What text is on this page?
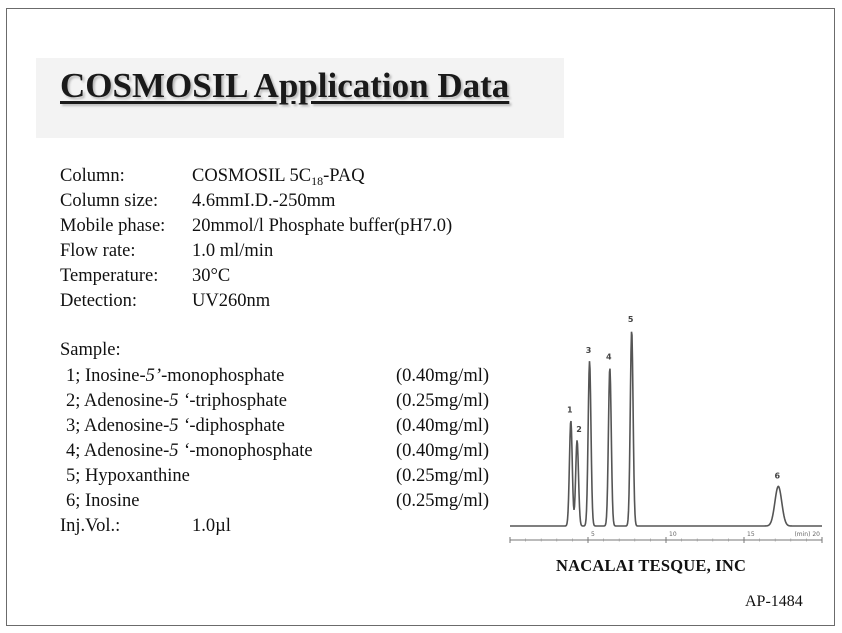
COSMOSIL Application Data
Column:	COSMOSIL $5C_{18}$-PAQ
Column size: 4.6mmI.D.-250mm
Mobile phase: 20mmol/l Phosphate buffer(pH7.0)
Flow rate:	1.0 ml/min
Temperature: 30°C
Detection:	UV260nm
Sample:
1; Inosine-5’-monophosphate	(0.40mg/ml)
2; Adenosine-5 ‘-triphosphate	(0.25mg/ml)
3; Adenosine-5 ‘-diphosphate	(0.40mg/ml)
4; Adenosine-5 ‘-monophosphate	(0.40mg/ml)
5; Hypoxanthine	(0.25mg/ml)
6; Inosine	(0.25mg/ml)
Inj.Vol.:	1.0µl
1
2
3
4
5
6
5	10	15	(min) 20
NACALAI TESQUE, INC
AP-1484
